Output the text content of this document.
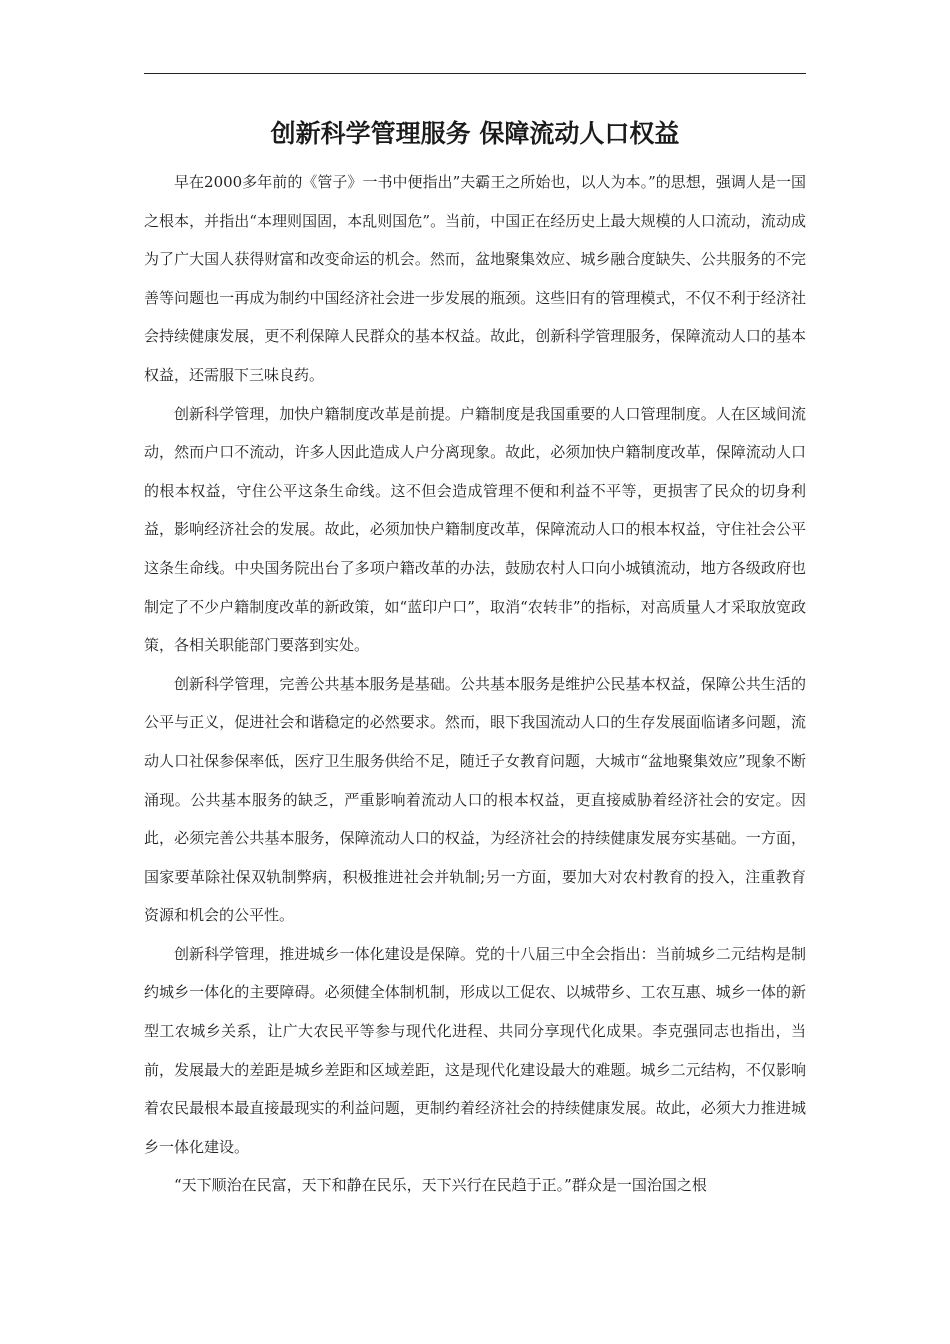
创新科学管理服务 保障流动人口权益

早在2000多年前的《管子》一书中便指出”夫霸王之所始也，以人为本。”的思想，强调人是一国之根本，并指出“本理则国固，本乱则国危”。当前，中国正在经历史上最大规模的人口流动，流动成为了广大国人获得财富和改变命运的机会。然而，盆地聚集效应、城乡融合度缺失、公共服务的不完善等问题也一再成为制约中国经济社会进一步发展的瓶颈。这些旧有的管理模式，不仅不利于经济社会持续健康发展，更不利保障人民群众的基本权益。故此，创新科学管理服务，保障流动人口的基本权益，还需服下三味良药。

创新科学管理，加快户籍制度改革是前提。户籍制度是我国重要的人口管理制度。人在区域间流动，然而户口不流动，许多人因此造成人户分离现象。故此，必须加快户籍制度改革，保障流动人口的根本权益，守住公平这条生命线。这不但会造成管理不便和利益不平等，更损害了民众的切身利益，影响经济社会的发展。故此，必须加快户籍制度改革，保障流动人口的根本权益，守住社会公平这条生命线。中央国务院出台了多项户籍改革的办法，鼓励农村人口向小城镇流动，地方各级政府也制定了不少户籍制度改革的新政策，如“蓝印户口”，取消“农转非”的指标，对高质量人才采取放宽政策，各相关职能部门要落到实处。

创新科学管理，完善公共基本服务是基础。公共基本服务是维护公民基本权益，保障公共生活的公平与正义，促进社会和谐稳定的必然要求。然而，眼下我国流动人口的生存发展面临诸多问题，流动人口社保参保率低，医疗卫生服务供给不足，随迁子女教育问题，大城市“盆地聚集效应”现象不断涌现。公共基本服务的缺乏，严重影响着流动人口的根本权益，更直接威胁着经济社会的安定。因此，必须完善公共基本服务，保障流动人口的权益，为经济社会的持续健康发展夯实基础。一方面，国家要革除社保双轨制弊病，积极推进社会并轨制;另一方面，要加大对农村教育的投入，注重教育资源和机会的公平性。

创新科学管理，推进城乡一体化建设是保障。党的十八届三中全会指出：当前城乡二元结构是制约城乡一体化的主要障碍。必须健全体制机制，形成以工促农、以城带乡、工农互惠、城乡一体的新型工农城乡关系，让广大农民平等参与现代化进程、共同分享现代化成果。李克强同志也指出，当前，发展最大的差距是城乡差距和区域差距，这是现代化建设最大的难题。城乡二元结构，不仅影响着农民最根本最直接最现实的利益问题，更制约着经济社会的持续健康发展。故此，必须大力推进城乡一体化建设。

“天下顺治在民富，天下和静在民乐，天下兴行在民趋于正。”群众是一国治国之根
